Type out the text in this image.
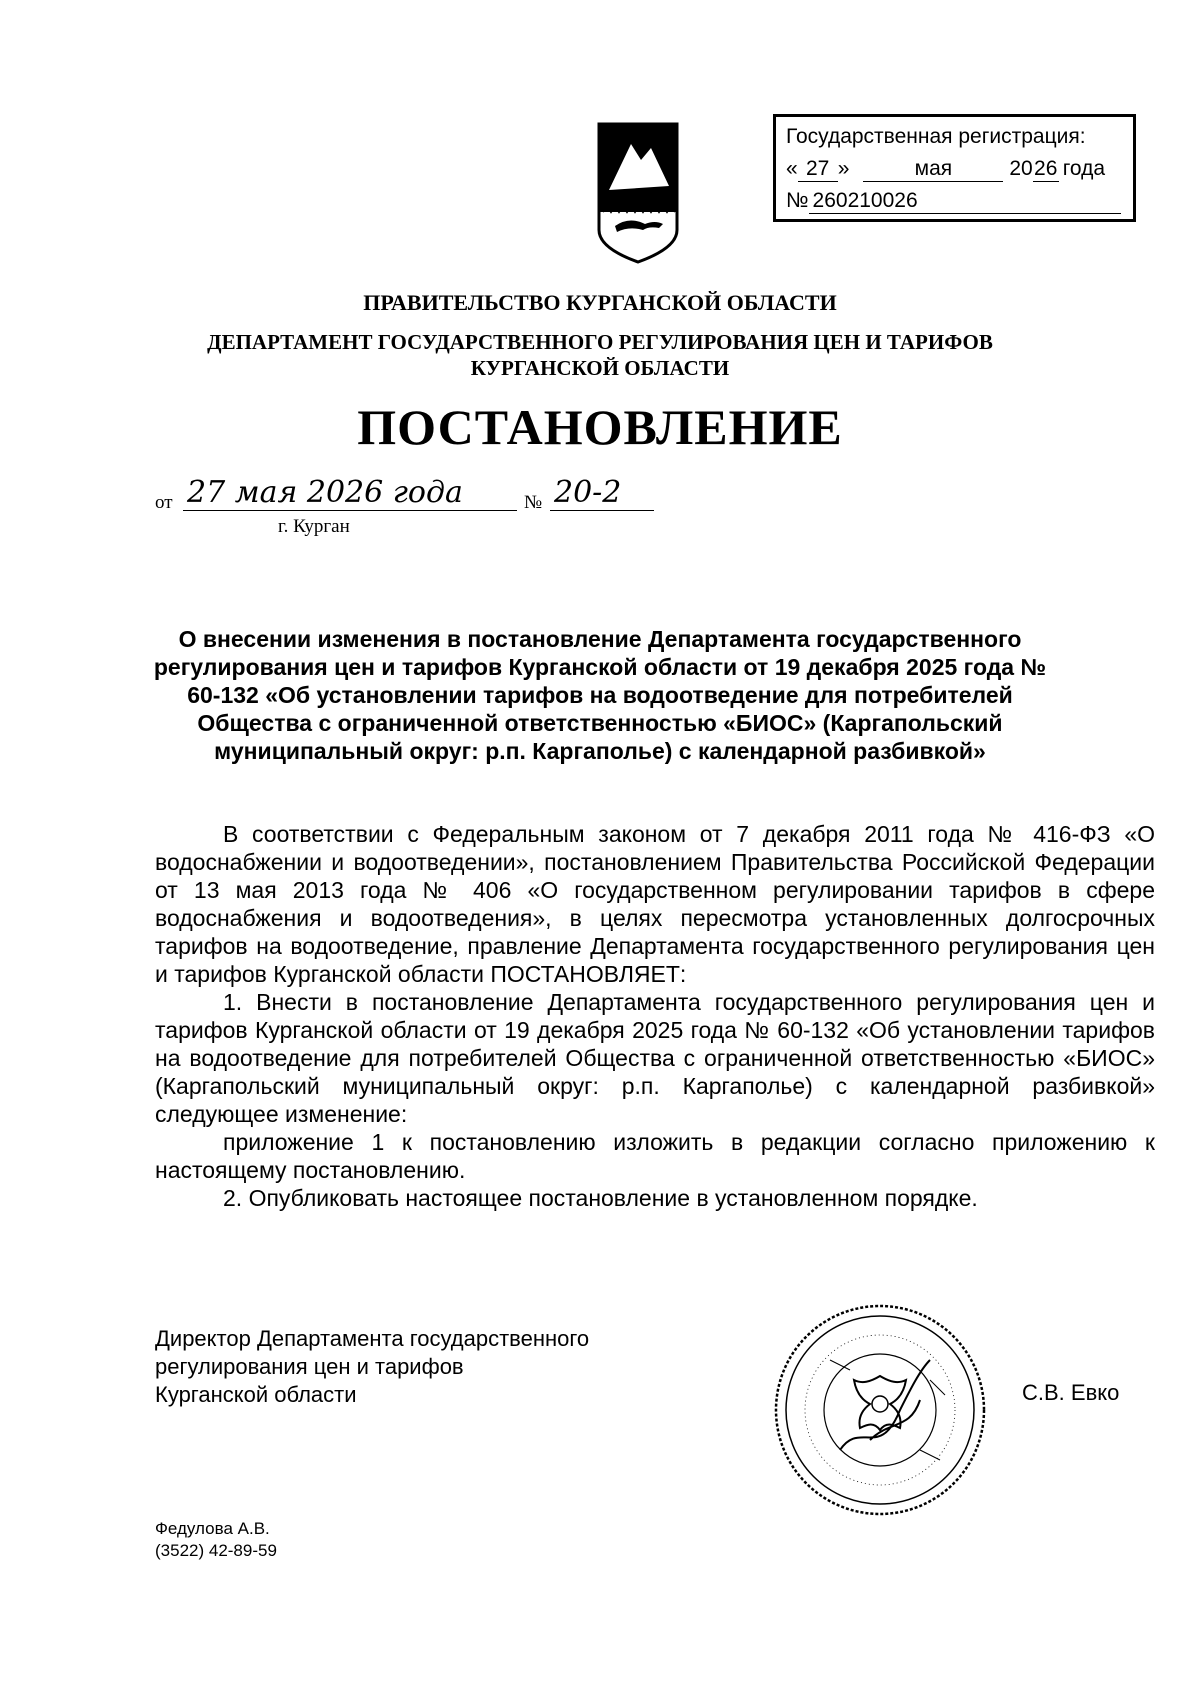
Государственная регистрация:
« 27 »	мая	20 26 года
№ 260210026
ПРАВИТЕЛЬСТВО КУРГАНСКОЙ ОБЛАСТИ
ДЕПАРТАМЕНТ ГОСУДАРСТВЕННОГО РЕГУЛИРОВАНИЯ ЦЕН И ТАРИФОВ
КУРГАНСКОЙ ОБЛАСТИ
ПОСТАНОВЛЕНИЕ
от 27 мая 2026 года	№ 20-2
г. Курган
О внесении изменения в постановление Департамента государственного регулирования цен и тарифов Курганской области от 19 декабря 2025 года № 60-132 «Об установлении тарифов на водоотведение для потребителей Общества с ограниченной ответственностью «БИОС» (Каргапольский муниципальный округ: р.п. Каргаполье) с календарной разбивкой»

В соответствии с Федеральным законом от 7 декабря 2011 года № 416-ФЗ «О водоснабжении и водоотведении», постановлением Правительства Российской Федерации от 13 мая 2013 года № 406 «О государственном регулировании тарифов в сфере водоснабжения и водоотведения», в целях пересмотра установленных долгосрочных тарифов на водоотведение, правление Департамента государственного регулирования цен и тарифов Курганской области ПОСТАНОВЛЯЕТ:

1. Внести в постановление Департамента государственного регулирования цен и тарифов Курганской области от 19 декабря 2025 года № 60-132 «Об установлении тарифов на водоотведение для потребителей Общества с ограниченной ответственностью «БИОС» (Каргапольский муниципальный округ: р.п. Каргаполье) с календарной разбивкой» следующее изменение:

приложение 1 к постановлению изложить в редакции согласно приложению к настоящему постановлению.

2. Опубликовать настоящее постановление в установленном порядке.

Директор Департамента государственного
регулирования цен и тарифов
Курганской области	С.В. Евко
Федулова А.В.
(3522) 42-89-59
